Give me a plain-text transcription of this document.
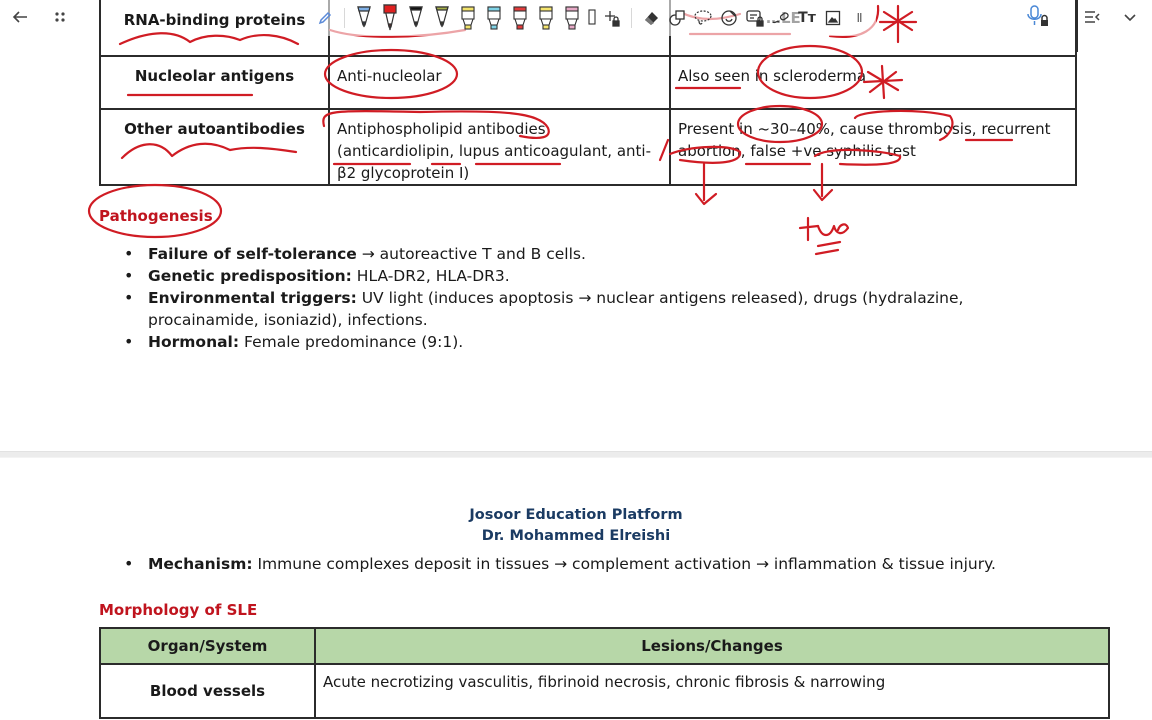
RNA-binding proteins		
Nucleolar antigens	Anti-nucleolar	Also seen in scleroderma
Other autoantibodies	Antiphospholipid antibodies (anticardiolipin, lupus anticoagulant, anti-β2 glycoprotein I)	Present in ~30–40%, cause thrombosis, recurrent abortion, false +ve syphilis test
Pathogenesis
• Failure of self-tolerance → autoreactive T and B cells.
• Genetic predisposition: HLA-DR2, HLA-DR3.
• Environmental triggers: UV light (induces apoptosis → nuclear antigens released), drugs (hydralazine, procainamide, isoniazid), infections.
• Hormonal: Female predominance (9:1).
Josoor Education Platform
Dr. Mohammed Elreishi
• Mechanism: Immune complexes deposit in tissues → complement activation → inflammation & tissue injury.
Morphology of SLE
Organ/System	Lesions/Changes
Blood vessels	Acute necrotizing vasculitis, fibrinoid necrosis, chronic fibrosis & narrowing
Tт	II
